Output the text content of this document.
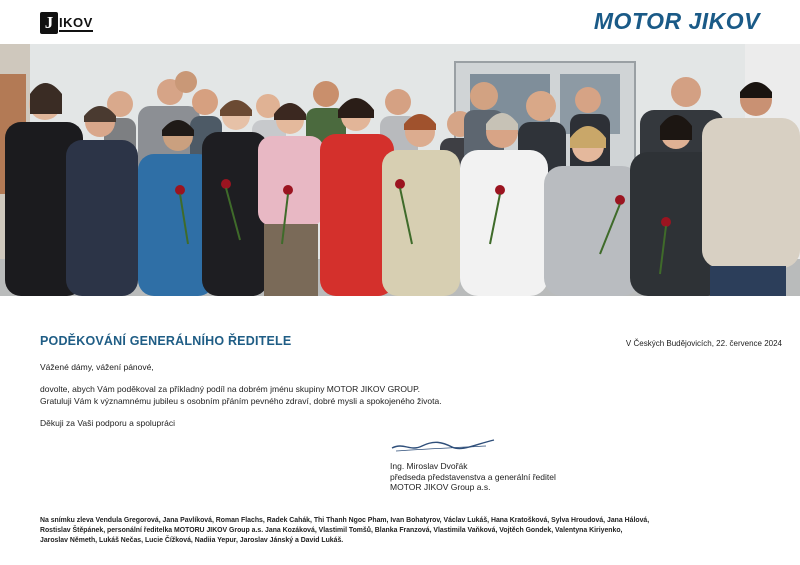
J IKOV	MOTOR JIKOV
PODĚKOVÁNÍ GENERÁLNÍHO ŘEDITELE	V Českých Budějovicích, 22. července 2024
Vážené dámy, vážení pánové,
dovolte, abych Vám poděkoval za příkladný podíl na dobrém jménu skupiny MOTOR JIKOV GROUP.
Gratuluji Vám k významnému jubileu s osobním přáním pevného zdraví, dobré mysli a spokojeného života.
Děkuji za Vaši podporu a spolupráci
Ing. Miroslav Dvořák
předseda představenstva a generální ředitel
MOTOR JIKOV Group a.s.
Na snímku zleva Vendula Gregorová, Jana Pavlíková, Roman Flachs, Radek Cahák, Thi Thanh Ngoc Pham, Ivan Bohatyrov, Václav Lukáš, Hana Kratošková, Sylva Hroudová, Jana Hálová,
Rostislav Štěpánek, personální ředitelka MOTORU JIKOV Group a.s. Jana Kozáková, Vlastimil Tomšů, Blanka Franzová, Vlastimila Vaňková, Vojtěch Gondek, Valentyna Kiriyenko,
Jaroslav Němeth, Lukáš Nečas, Lucie Čížková, Nadiia Yepur, Jaroslav Jánský a David Lukáš.
